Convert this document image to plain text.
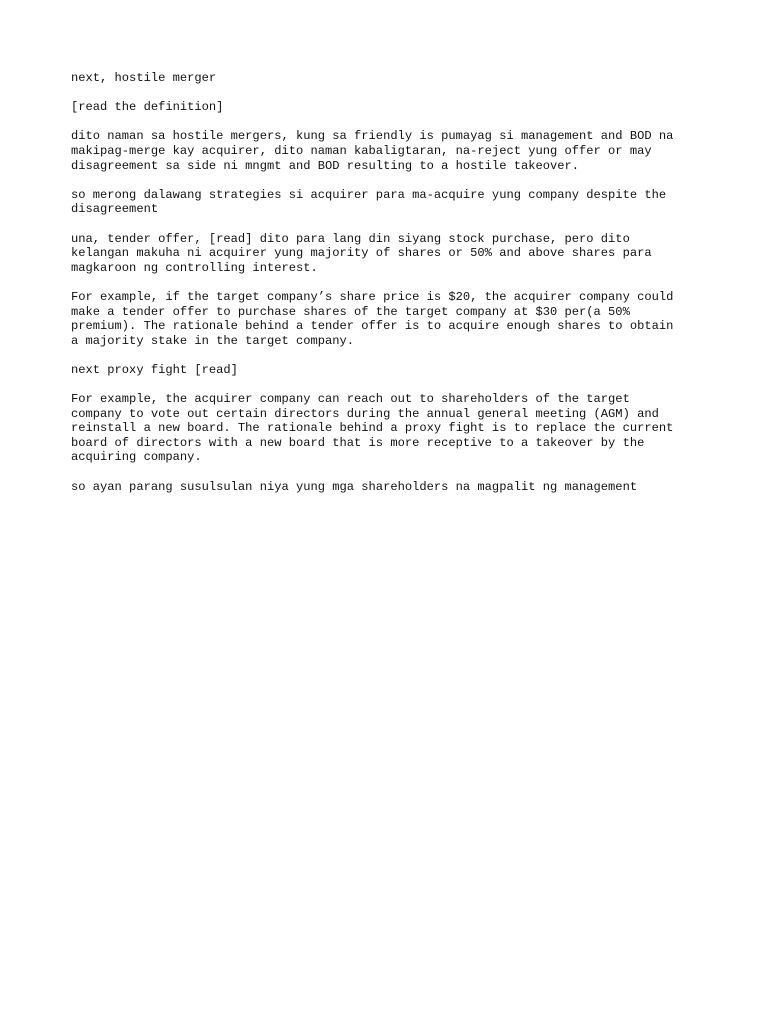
next, hostile merger

[read the definition]

dito naman sa hostile mergers, kung sa friendly is pumayag si management and BOD na
makipag-merge kay acquirer, dito naman kabaligtaran, na-reject yung offer or may
disagreement sa side ni mngmt and BOD resulting to a hostile takeover.

so merong dalawang strategies si acquirer para ma-acquire yung company despite the
disagreement

una, tender offer, [read] dito para lang din siyang stock purchase, pero dito
kelangan makuha ni acquirer yung majority of shares or 50% and above shares para
magkaroon ng controlling interest.

For example, if the target company’s share price is $20, the acquirer company could
make a tender offer to purchase shares of the target company at $30 per(a 50%
premium). The rationale behind a tender offer is to acquire enough shares to obtain
a majority stake in the target company.

next proxy fight [read]

For example, the acquirer company can reach out to shareholders of the target
company to vote out certain directors during the annual general meeting (AGM) and
reinstall a new board. The rationale behind a proxy fight is to replace the current
board of directors with a new board that is more receptive to a takeover by the
acquiring company.

so ayan parang susulsulan niya yung mga shareholders na magpalit ng management
